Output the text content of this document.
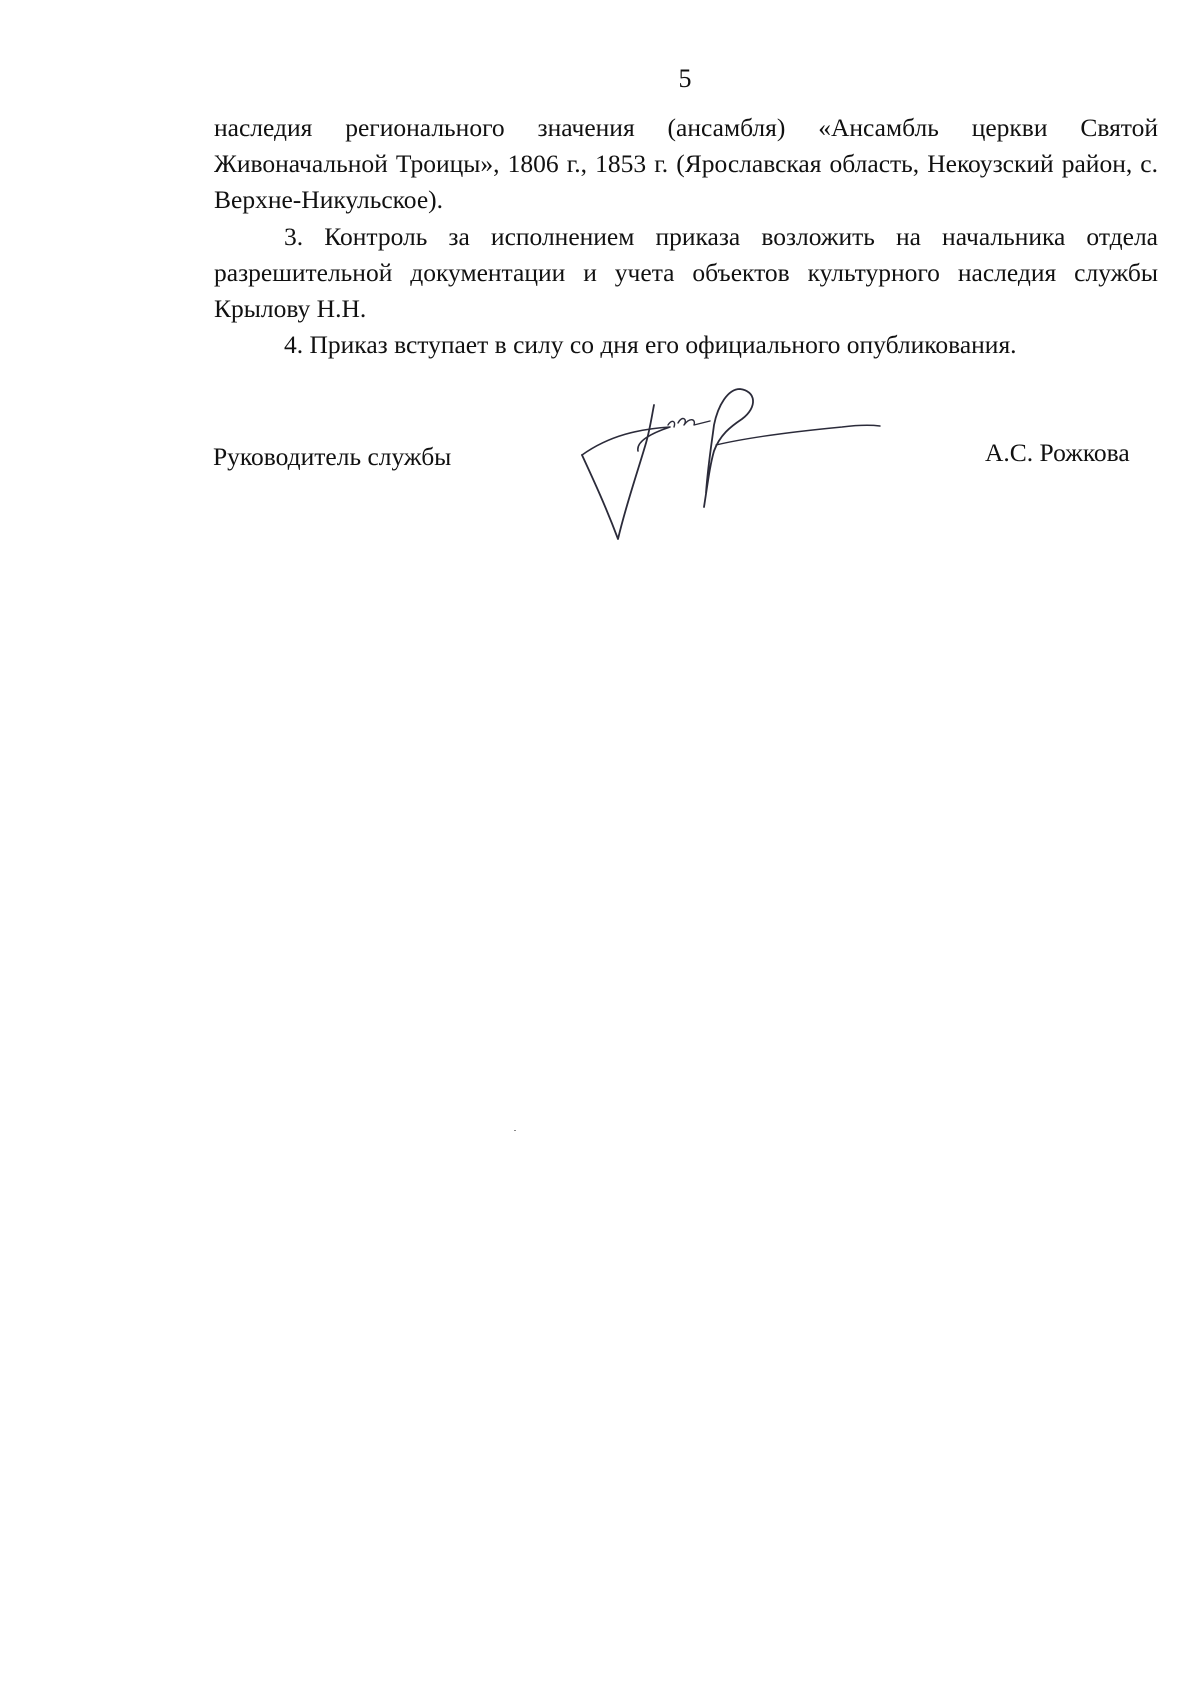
5

наследия регионального значения (ансамбля) «Ансамбль церкви Святой Живоначальной Троицы», 1806 г., 1853 г. (Ярославская область, Некоузский район, с. Верхне-Никульское).

3. Контроль за исполнением приказа возложить на начальника отдела разрешительной документации и учета объектов культурного наследия службы Крылову Н.Н.

4. Приказ вступает в силу со дня его официального опубликования.

Руководитель службы	А.С. Рожкова
